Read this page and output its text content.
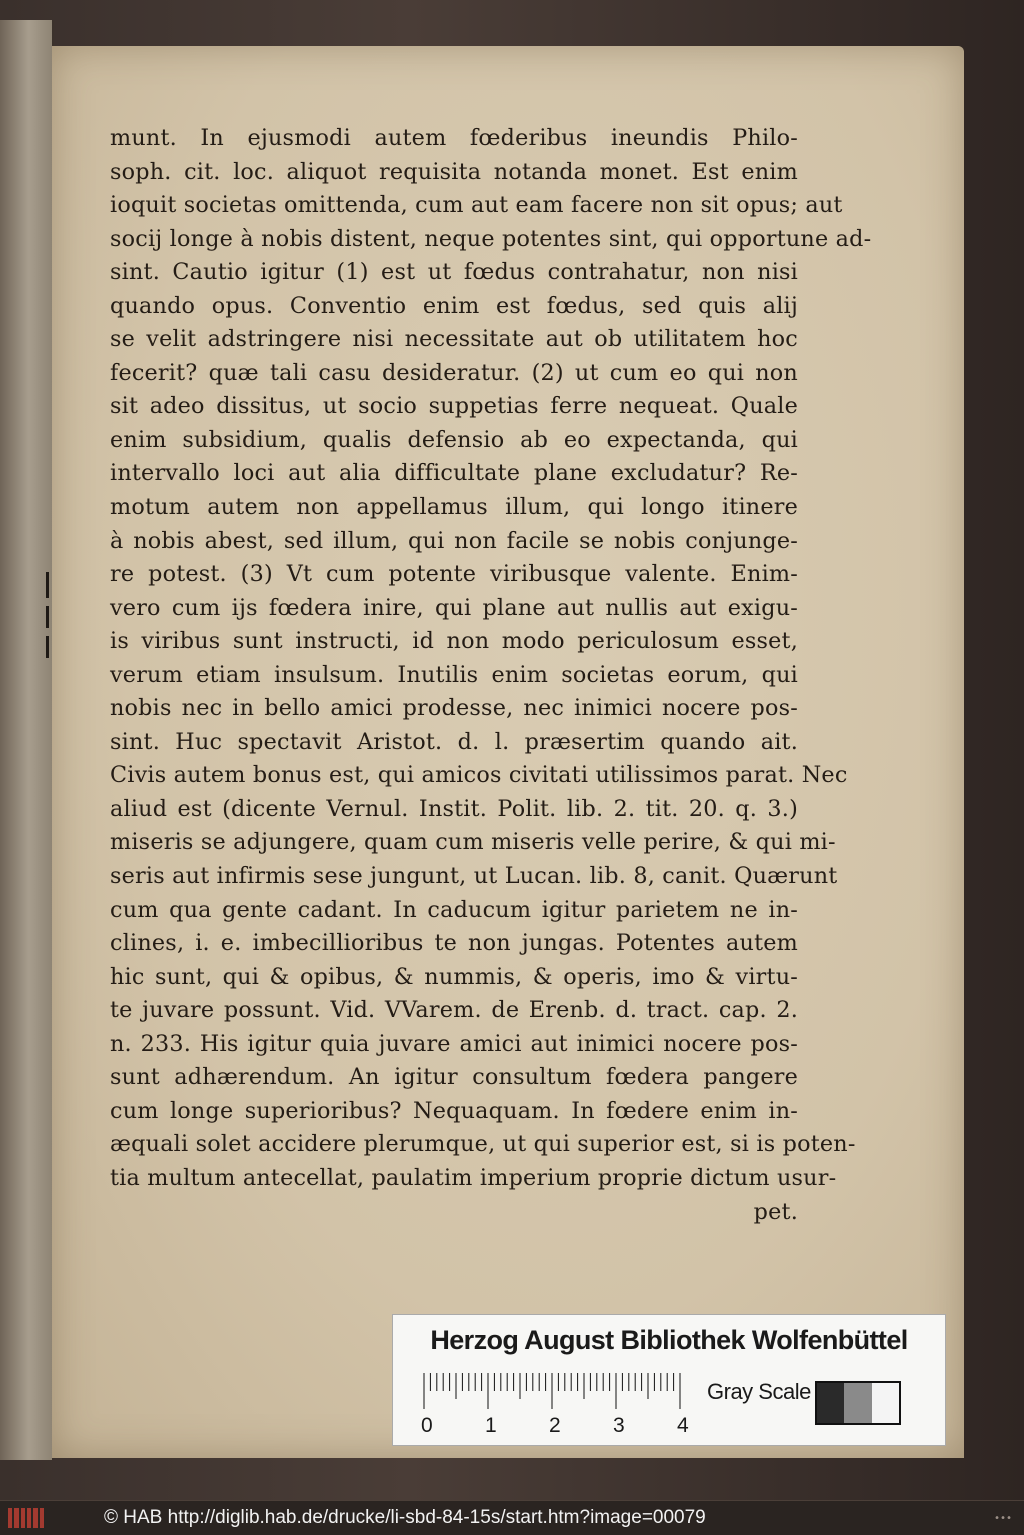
munt. In ejusmodi autem fœderibus ineundis Philo-
soph. cit. loc. aliquot requisita notanda monet. Est enim
ioquit societas omittenda, cum aut eam facere non sit opus; aut
socij longe à nobis distent, neque potentes sint, qui opportune ad-
sint. Cautio igitur (1) est ut fœdus contrahatur, non nisi
quando opus. Conventio enim est fœdus, sed quis alij
se velit adstringere nisi necessitate aut ob utilitatem hoc
fecerit? quæ tali casu desideratur. (2) ut cum eo qui non
sit adeo dissitus, ut socio suppetias ferre nequeat. Quale
enim subsidium, qualis defensio ab eo expectanda, qui
intervallo loci aut alia difficultate plane excludatur? Re-
motum autem non appellamus illum, qui longo itinere
à nobis abest, sed illum, qui non facile se nobis conjunge-
re potest. (3) Vt cum potente viribusque valente. Enim-
vero cum ijs fœdera inire, qui plane aut nullis aut exigu-
is viribus sunt instructi, id non modo periculosum esset,
verum etiam insulsum. Inutilis enim societas eorum, qui
nobis nec in bello amici prodesse, nec inimici nocere pos-
sint. Huc spectavit Aristot. d. l. præsertim quando ait.
Civis autem bonus est, qui amicos civitati utilissimos parat. Nec
aliud est (dicente Vernul. Instit. Polit. lib. 2. tit. 20. q. 3.)
miseris se adjungere, quam cum miseris velle perire, & qui mi-
seris aut infirmis sese jungunt, ut Lucan. lib. 8, canit. Quærunt
cum qua gente cadant. In caducum igitur parietem ne in-
clines, i. e. imbecillioribus te non jungas. Potentes autem
hic sunt, qui & opibus, & nummis, & operis, imo & virtu-
te juvare possunt. Vid. VVarem. de Erenb. d. tract. cap. 2.
n. 233. His igitur quia juvare amici aut inimici nocere pos-
sunt adhærendum. An igitur consultum fœdera pangere
cum longe superioribus? Nequaquam. In fœdere enim in-
æquali solet accidere plerumque, ut qui superior est, si is poten-
tia multum antecellat, paulatim imperium proprie dictum usur-
pet.
Herzog August Bibliothek Wolfenbüttel
0 1 2 3 4
Gray Scale
© HAB http://diglib.hab.de/drucke/li-sbd-84-15s/start.htm?image=00079	•••
